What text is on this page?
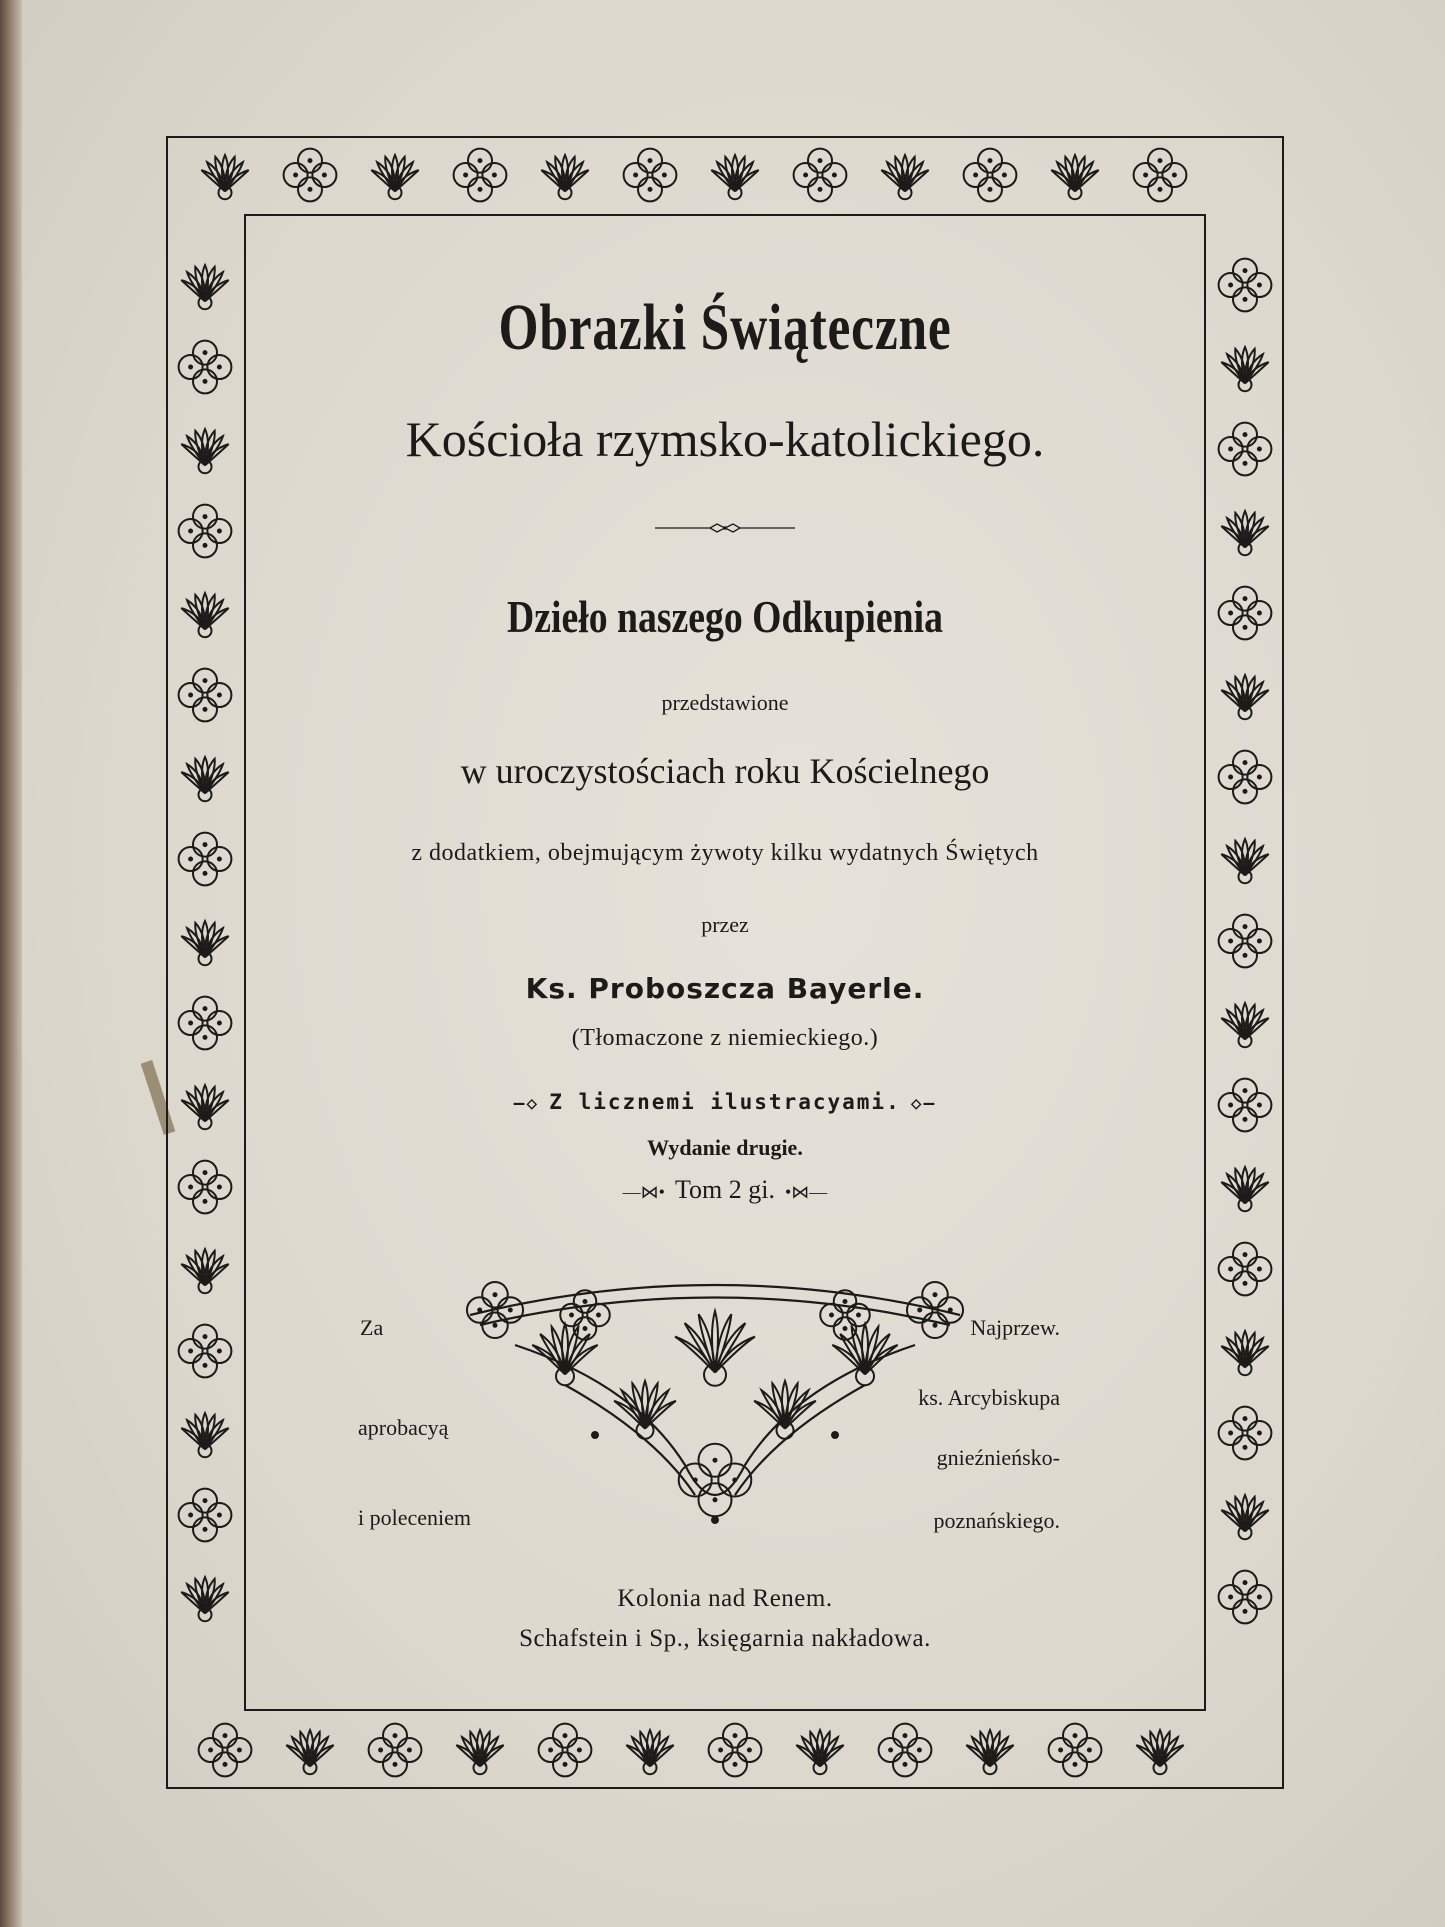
Obrazki Świąteczne
Kościoła rzymsko-katolickiego.
Dzieło naszego Odkupienia
przedstawione
w uroczystościach roku Kościelnego
z dodatkiem, obejmującym żywoty kilku wydatnych Świętych
przez
Ks. Proboszcza Bayerle.
(Tłomaczone z niemieckiego.)
—◇ Z licznemi ilustracyami. ◇—
Wydanie drugie.
—⋈• Tom 2 gi. •⋈—
Za
aprobacyą
i poleceniem
Najprzew.
ks. Arcybiskupa
gnieźnieńsko-
poznańskiego.
Kolonia nad Renem.
Schafstein i Sp., księgarnia nakładowa.
